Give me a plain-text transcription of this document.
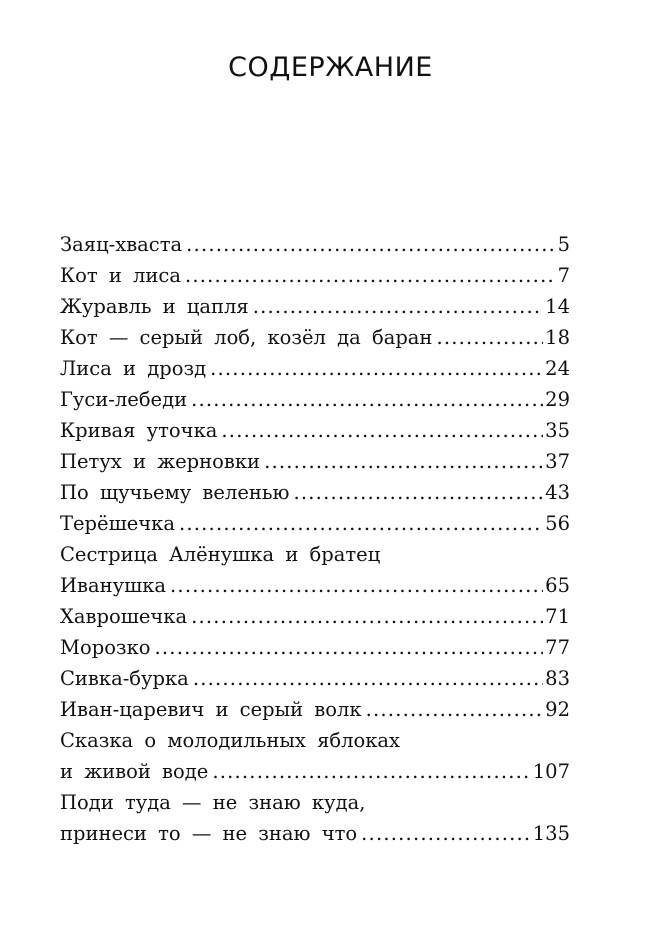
СОДЕРЖАНИЕ
Заяц-хваста .....	5
Кот и лиса .....	7
Журавль и цапля .....	14
Кот — серый лоб, козёл да баран .....	18
Лиса и дрозд .....	24
Гуси-лебеди .....	29
Кривая уточка .....	35
Петух и жерновки .....	37
По щучьему веленью .....	43
Терёшечка .....	56
Сестрица Алёнушка и братец
Иванушка .....	65
Хаврошечка .....	71
Морозко .....	77
Сивка-бурка .....	83
Иван-царевич и серый волк .....	92
Сказка о молодильных яблоках
и живой воде .....	107
Поди туда — не знаю куда,
принеси то — не знаю что .....	135
